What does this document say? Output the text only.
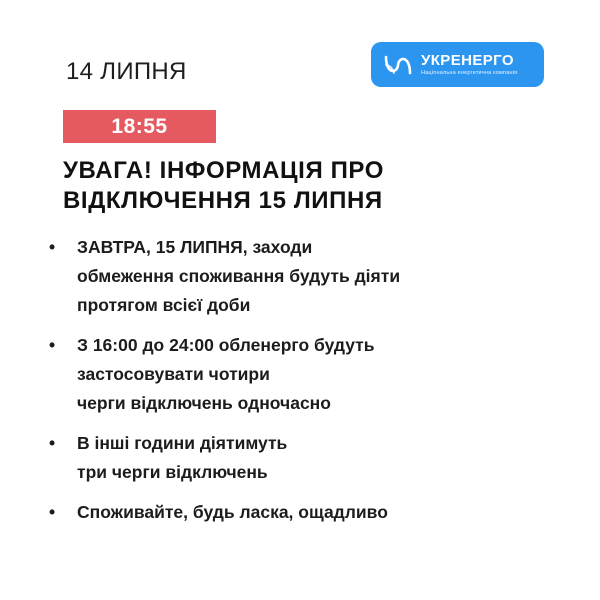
14 ЛИПНЯ	УКРЕНЕРГО
Національна енергетична компанія
18:55
УВАГА! ІНФОРМАЦІЯ ПРО
ВІДКЛЮЧЕННЯ 15 ЛИПНЯ
• ЗАВТРА, 15 ЛИПНЯ, заходи
обмеження споживання будуть діяти
протягом всієї доби
• З 16:00 до 24:00 обленерго будуть
застосовувати чотири
черги відключень одночасно
• В інші години діятимуть
три черги відключень
• Споживайте, будь ласка, ощадливо
